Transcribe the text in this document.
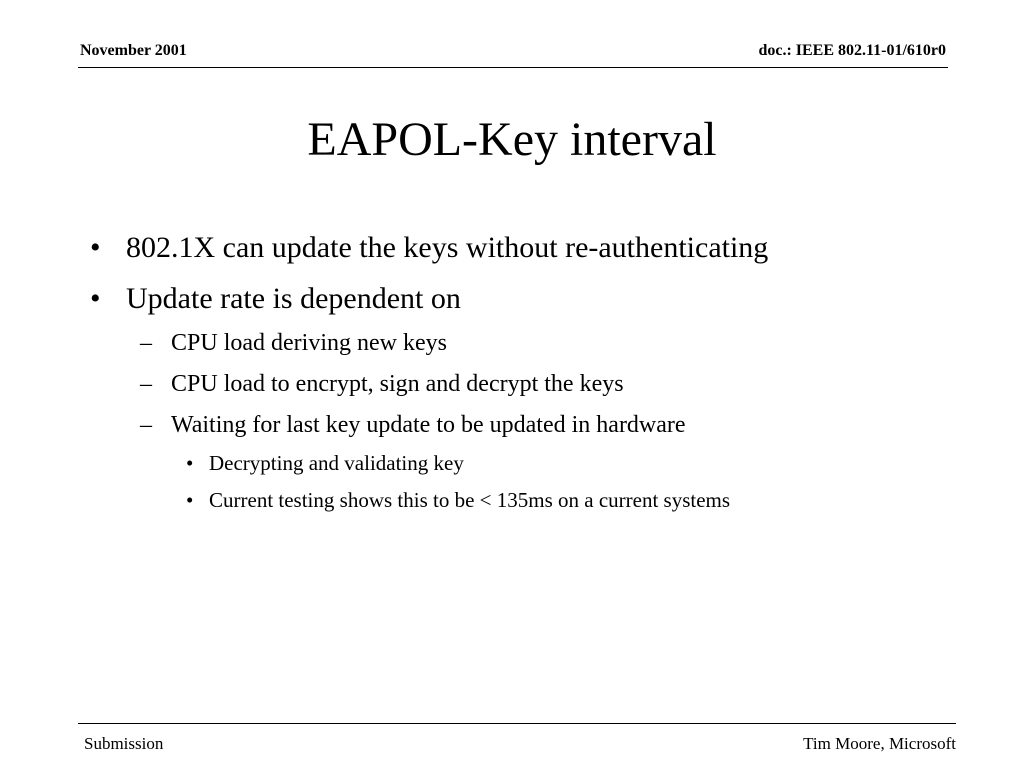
November 2001	doc.: IEEE 802.11-01/610r0
EAPOL-Key interval
• 802.1X can update the keys without re-authenticating
• Update rate is dependent on
– CPU load deriving new keys
– CPU load to encrypt, sign and decrypt the keys
– Waiting for last key update to be updated in hardware
• Decrypting and validating key
• Current testing shows this to be < 135ms on a current systems
Submission	Tim Moore, Microsoft
